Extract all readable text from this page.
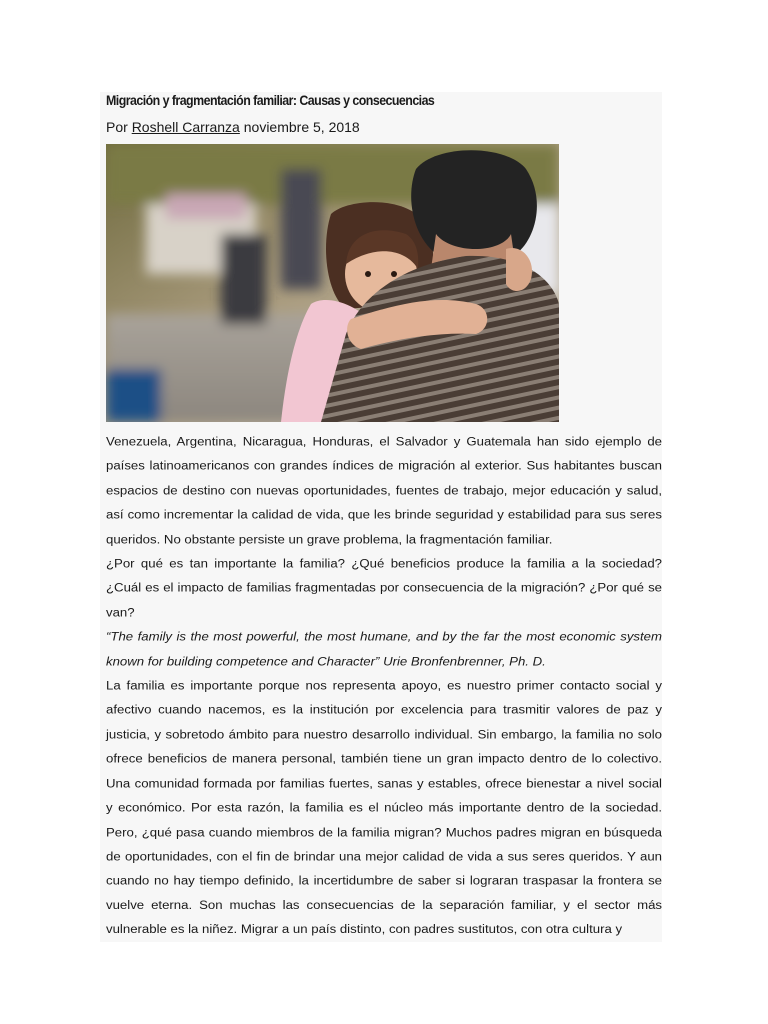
Migración y fragmentación familiar: Causas y consecuencias
Por Roshell Carranza noviembre 5, 2018

Venezuela, Argentina, Nicaragua, Honduras, el Salvador y Guatemala han sido ejemplo de países latinoamericanos con grandes índices de migración al exterior. Sus habitantes buscan espacios de destino con nuevas oportunidades, fuentes de trabajo, mejor educación y salud, así como incrementar la calidad de vida, que les brinde seguridad y estabilidad para sus seres queridos. No obstante persiste un grave problema, la fragmentación familiar.

¿Por qué es tan importante la familia? ¿Qué beneficios produce la familia a la sociedad? ¿Cuál es el impacto de familias fragmentadas por consecuencia de la migración? ¿Por qué se van?

“The family is the most powerful, the most humane, and by the far the most economic system known for building competence and Character” Urie Bronfenbrenner, Ph. D.

La familia es importante porque nos representa apoyo, es nuestro primer contacto social y afectivo cuando nacemos, es la institución por excelencia para trasmitir valores de paz y justicia, y sobretodo ámbito para nuestro desarrollo individual. Sin embargo, la familia no solo ofrece beneficios de manera personal, también tiene un gran impacto dentro de lo colectivo. Una comunidad formada por familias fuertes, sanas y estables, ofrece bienestar a nivel social y económico. Por esta razón, la familia es el núcleo más importante dentro de la sociedad. Pero, ¿qué pasa cuando miembros de la familia migran? Muchos padres migran en búsqueda de oportunidades, con el fin de brindar una mejor calidad de vida a sus seres queridos. Y aun cuando no hay tiempo definido, la incertidumbre de saber si lograran traspasar la frontera se vuelve eterna. Son muchas las consecuencias de la separación familiar, y el sector más vulnerable es la niñez. Migrar a un país distinto, con padres sustitutos, con otra cultura y
